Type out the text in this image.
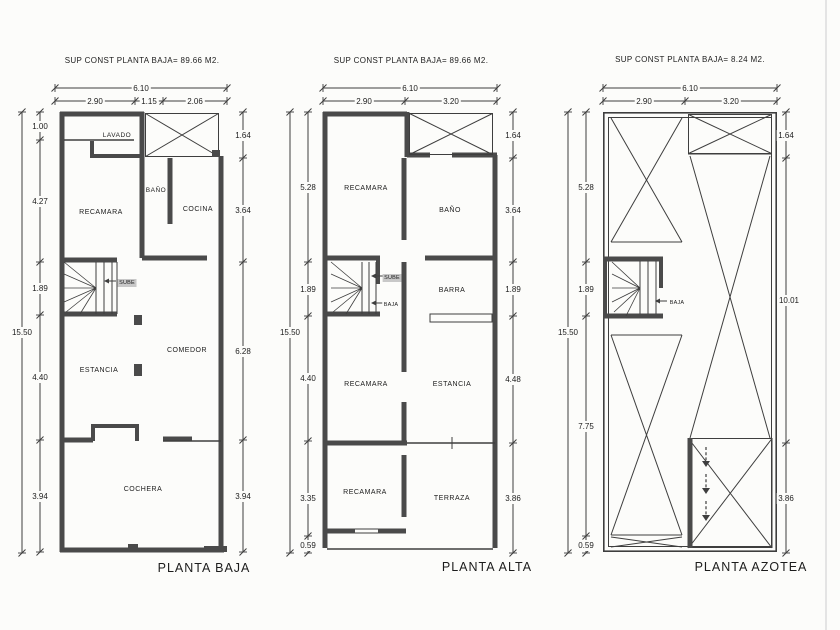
SUP CONST PLANTA BAJA= 89.66 M2.
6.10
2.90	1.15	2.06
15.50
1.00
4.27
1.89
4.40
3.94
1.64
3.64
6.28
3.94
LAVADO
RECAMARA
BAÑO
COCINA
COMEDOR
ESTANCIA
COCHERA
SUBE
PLANTA BAJA
SUP CONST PLANTA BAJA= 89.66 M2.
6.10
2.90	3.20
15.50
5.28
1.89
4.40
3.35
0.59
1.64
3.64
1.89
4.48
3.86
RECAMARA
BAÑO
BARRA
RECAMARA	ESTANCIA
RECAMARA
TERRAZA
SUBE
BAJA
PLANTA ALTA
SUP CONST PLANTA BAJA= 8.24 M2.
6.10
2.90	3.20
15.50
5.28
1.89
7.75
0.59
1.64
10.01
3.86
BAJA
PLANTA AZOTEA
